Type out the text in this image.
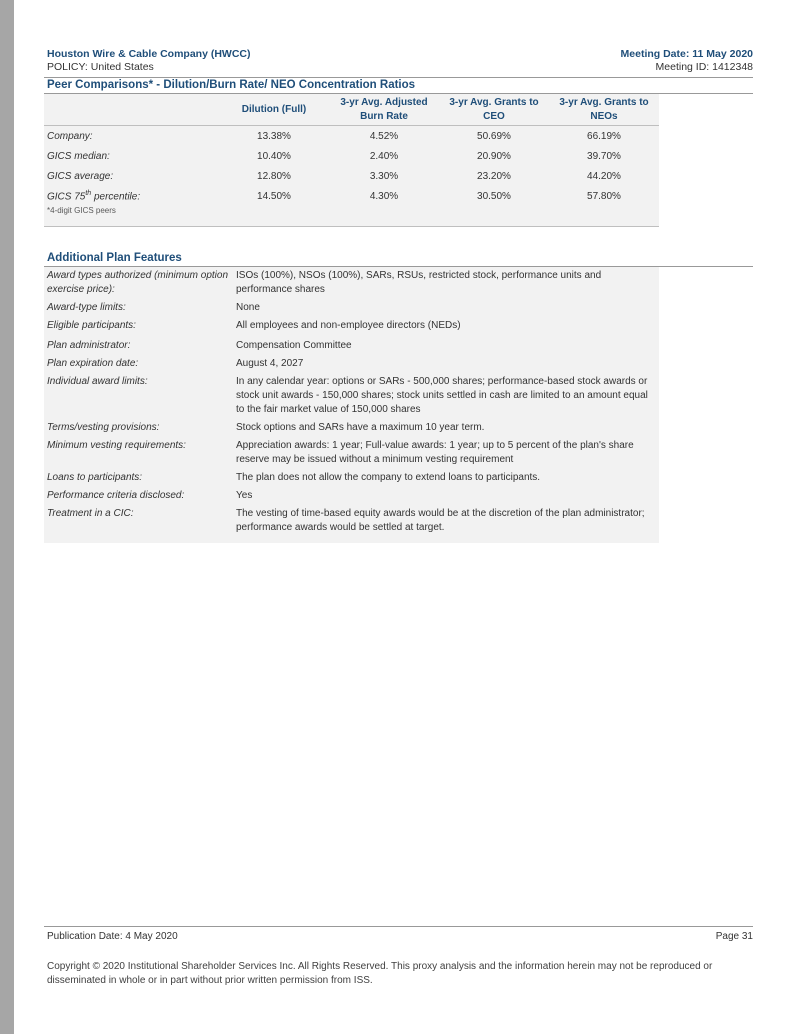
Houston Wire & Cable Company (HWCC)
POLICY: United States
Meeting Date: 11 May 2020
Meeting ID: 1412348
Peer Comparisons* - Dilution/Burn Rate/ NEO Concentration Ratios
	Dilution (Full)	3-yr Avg. Adjusted Burn Rate	3-yr Avg. Grants to CEO	3-yr Avg. Grants to NEOs
Company:	13.38%	4.52%	50.69%	66.19%
GICS median:	10.40%	2.40%	20.90%	39.70%
GICS average:	12.80%	3.30%	23.20%	44.20%
GICS 75th percentile:	14.50%	4.30%	30.50%	57.80%
*4-digit GICS peers
Additional Plan Features
Award types authorized (minimum option exercise price):
ISOs (100%), NSOs (100%), SARs, RSUs, restricted stock, performance units and performance shares
Award-type limits:	None
Eligible participants:	All employees and non-employee directors (NEDs)
Plan administrator:	Compensation Committee
Plan expiration date:	August 4, 2027
Individual award limits:	In any calendar year: options or SARs - 500,000 shares; performance-based stock awards or stock unit awards - 150,000 shares; stock units settled in cash are limited to an amount equal to the fair market value of 150,000 shares
Terms/vesting provisions:	Stock options and SARs have a maximum 10 year term.
Minimum vesting requirements:	Appreciation awards: 1 year; Full-value awards: 1 year; up to 5 percent of the plan's share reserve may be issued without a minimum vesting requirement
Loans to participants:	The plan does not allow the company to extend loans to participants.
Performance criteria disclosed:	Yes
Treatment in a CIC:	The vesting of time-based equity awards would be at the discretion of the plan administrator; performance awards would be settled at target.
Publication Date: 4 May 2020	Page 31
Copyright © 2020 Institutional Shareholder Services Inc. All Rights Reserved. This proxy analysis and the information herein may not be reproduced or disseminated in whole or in part without prior written permission from ISS.
